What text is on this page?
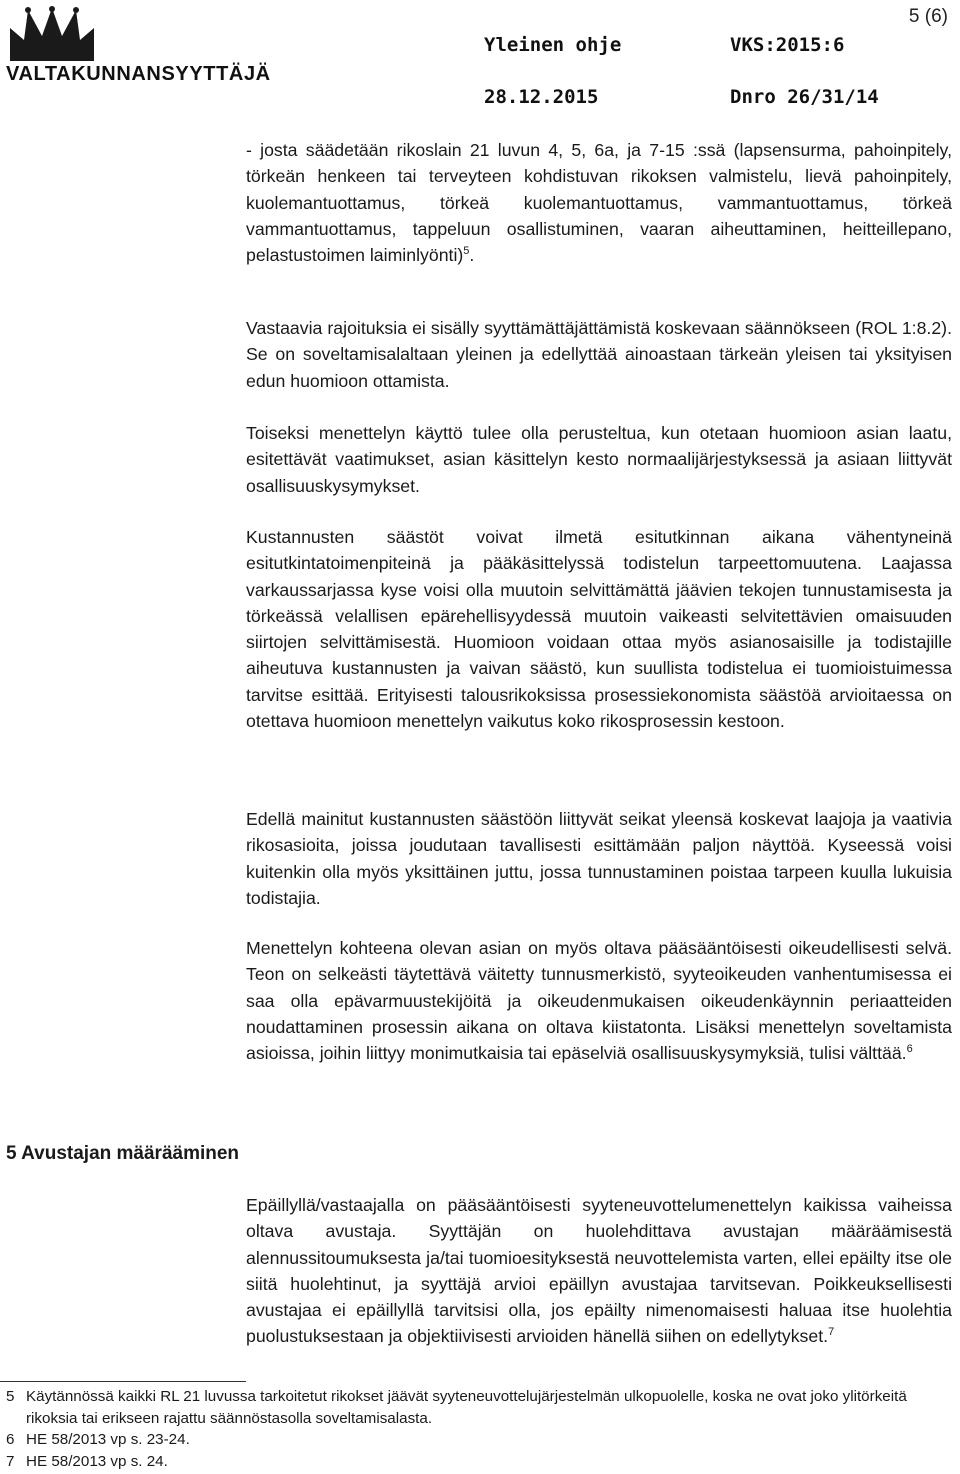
VALTAKUNNANSYYTTÄJÄ
Yleinen ohje	VKS:2015:6
28.12.2015	Dnro 26/31/14
5 (6)

- josta säädetään rikoslain 21 luvun 4, 5, 6a, ja 7-15 :ssä (lapsensurma, pahoinpitely, törkeän henkeen tai terveyteen kohdistuvan rikoksen valmistelu, lievä pahoinpitely, kuolemantuottamus, törkeä kuolemantuottamus, vammantuottamus, törkeä vammantuottamus, tappeluun osallistuminen, vaaran aiheuttaminen, heitteillepano, pelastustoimen laiminlyönti)$^5$.

Vastaavia rajoituksia ei sisälly syyttämättäjättämistä koskevaan säännökseen (ROL 1:8.2). Se on soveltamisalaltaan yleinen ja edellyttää ainoastaan tärkeän yleisen tai yksityisen edun huomioon ottamista.

Toiseksi menettelyn käyttö tulee olla perusteltua, kun otetaan huomioon asian laatu, esitettävät vaatimukset, asian käsittelyn kesto normaalijärjestyksessä ja asiaan liittyvät osallisuuskysymykset.

Kustannusten säästöt voivat ilmetä esitutkinnan aikana vähentyneinä esitutkintatoimenpiteinä ja pääkäsittelyssä todistelun tarpeettomuutena. Laajassa varkaussarjassa kyse voisi olla muutoin selvittämättä jäävien tekojen tunnustamisesta ja törkeässä velallisen epärehellisyydessä muutoin vaikeasti selvitettävien omaisuuden siirtojen selvittämisestä. Huomioon voidaan ottaa myös asianosaisille ja todistajille aiheutuva kustannusten ja vaivan säästö, kun suullista todistelua ei tuomioistuimessa tarvitse esittää. Erityisesti talousrikoksissa prosessiekonomista säästöä arvioitaessa on otettava huomioon menettelyn vaikutus koko rikosprosessin kestoon.

Edellä mainitut kustannusten säästöön liittyvät seikat yleensä koskevat laajoja ja vaativia rikosasioita, joissa joudutaan tavallisesti esittämään paljon näyttöä. Kyseessä voisi kuitenkin olla myös yksittäinen juttu, jossa tunnustaminen poistaa tarpeen kuulla lukuisia todistajia.

Menettelyn kohteena olevan asian on myös oltava pääsääntöisesti oikeudellisesti selvä. Teon on selkeästi täytettävä väitetty tunnusmerkistö, syyteoikeuden vanhentumisessa ei saa olla epävarmuustekijöitä ja oikeudenmukaisen oikeudenkäynnin periaatteiden noudattaminen prosessin aikana on oltava kiistatonta. Lisäksi menettelyn soveltamista asioissa, joihin liittyy monimutkaisia tai epäselviä osallisuuskysymyksiä, tulisi välttää.$^6$

5 Avustajan määrääminen

Epäillyllä/vastaajalla on pääsääntöisesti syyteneuvottelumenettelyn kaikissa vaiheissa oltava avustaja. Syyttäjän on huolehdittava avustajan määräämisestä alennussitoumuksesta ja/tai tuomioesityksestä neuvottelemista varten, ellei epäilty itse ole siitä huolehtinut, ja syyttäjä arvioi epäillyn avustajaa tarvitsevan. Poikkeuksellisesti avustajaa ei epäillyllä tarvitsisi olla, jos epäilty nimenomaisesti haluaa itse huolehtia puolustuksestaan ja objektiivisesti arvioiden hänellä siihen on edellytykset.$^7$

5 Käytännössä kaikki RL 21 luvussa tarkoitetut rikokset jäävät syyteneuvottelujärjestelmän ulkopuolelle, koska ne ovat joko ylitörkeitä rikoksia tai erikseen rajattu säännöstasolla soveltamisalasta.
6 HE 58/2013 vp s. 23-24.
7 HE 58/2013 vp s. 24.
